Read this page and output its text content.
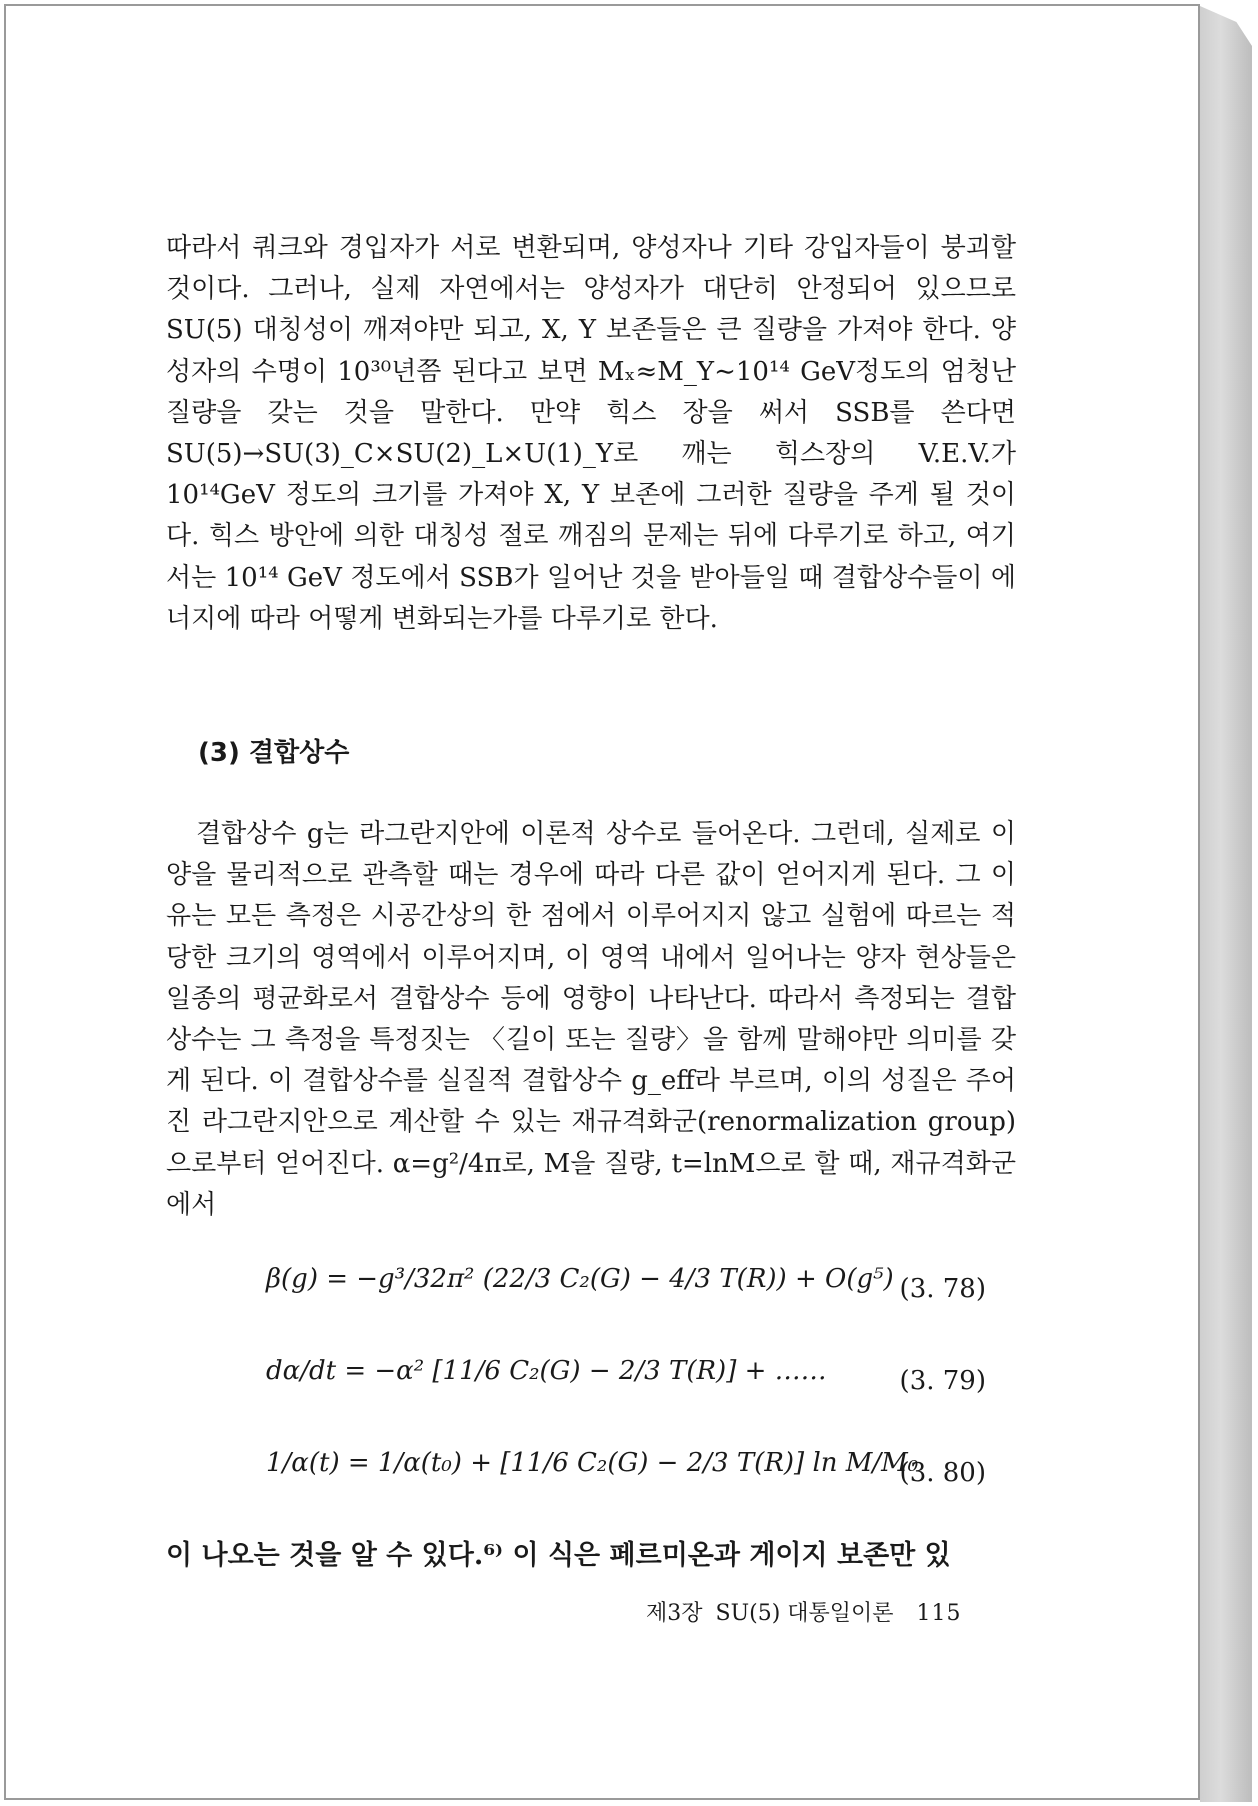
따라서 쿼크와 경입자가 서로 변환되며, 양성자나 기타 강입자들이 붕괴할 것이다. 그러나, 실제 자연에서는 양성자가 대단히 안정되어 있으므로 SU(5) 대칭성이 깨져야만 되고, X, Y 보존들은 큰 질량을 가져야 한다. 양성자의 수명이 10³⁰년쯤 된다고 보면 Mₓ≈M_Y∼10¹⁴ GeV정도의 엄청난 질량을 갖는 것을 말한다. 만약 힉스 장을 써서 SSB를 쓴다면 SU(5)→SU(3)_C×SU(2)_L×U(1)_Y로 깨는 힉스장의 V.E.V.가 10¹⁴GeV 정도의 크기를 가져야 X, Y 보존에 그러한 질량을 주게 될 것이다. 힉스 방안에 의한 대칭성 절로 깨짐의 문제는 뒤에 다루기로 하고, 여기서는 10¹⁴ GeV 정도에서 SSB가 일어난 것을 받아들일 때 결합상수들이 에너지에 따라 어떻게 변화되는가를 다루기로 한다.
(3) 결합상수
결합상수 g는 라그란지안에 이론적 상수로 들어온다. 그런데, 실제로 이 양을 물리적으로 관측할 때는 경우에 따라 다른 값이 얻어지게 된다. 그 이유는 모든 측정은 시공간상의 한 점에서 이루어지지 않고 실험에 따르는 적당한 크기의 영역에서 이루어지며, 이 영역 내에서 일어나는 양자 현상들은 일종의 평균화로서 결합상수 등에 영향이 나타난다. 따라서 측정되는 결합상수는 그 측정을 특정짓는 〈길이 또는 질량〉을 함께 말해야만 의미를 갖게 된다. 이 결합상수를 실질적 결합상수 g_eff라 부르며, 이의 성질은 주어진 라그란지안으로 계산할 수 있는 재규격화군(renormalization group)으로부터 얻어진다. α=g²/4π로, M을 질량, t=lnM으로 할 때, 재규격화군에서
β(g) = −g³/32π² (22/3 C₂(G) − 4/3 T(R)) + O(g⁵) (3. 78)
dα/dt = −α² [11/6 C₂(G) − 2/3 T(R)] + ……	(3. 79)
1/α(t) = 1/α(t₀) + [11/6 C₂(G) − 2/3 T(R)] ln M/M₀
(3. 80)
이 나오는 것을 알 수 있다.⁶⁾ 이 식은 페르미온과 게이지 보존만 있
제3장 SU(5) 대통일이론 115
